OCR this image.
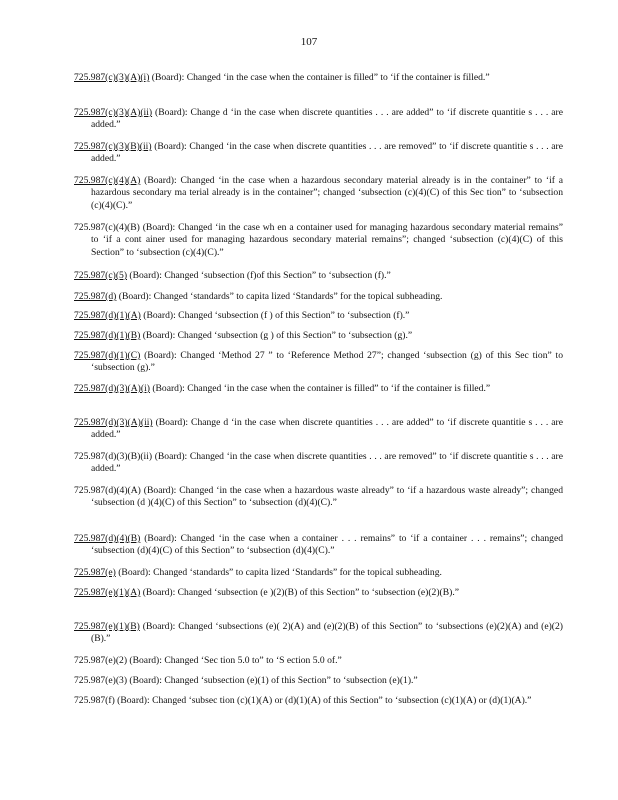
107

725.987(c)(3)(A)(i) (Board): Changed ‘in the case when the container is filled” to ‘if the container is filled.”

725.987(c)(3)(A)(ii) (Board): Change d ‘in the case when discrete quantities . . . are added” to ‘if discrete quantitie s . . . are added.”

725.987(c)(3)(B)(ii) (Board): Changed ‘in the case when discrete quantities . . . are removed” to ‘if discrete quantitie s . . . are added.”

725.987(c)(4)(A) (Board): Changed ‘in the case when a hazardous secondary material already is in the container” to ‘if a hazardous secondary ma terial already is in the container”; changed ‘subsection (c)(4)(C) of this Sec tion” to ‘subsection (c)(4)(C).”

725.987(c)(4)(B) (Board): Changed ‘in the case wh en a container used for managing hazardous secondary material remains” to ‘if a cont ainer used for managing hazardous secondary material remains”; changed ‘subsection (c)(4)(C) of this Section” to ‘subsection (c)(4)(C).”

725.987(c)(5) (Board): Changed ‘subsection (f)of this Section” to ‘subsection (f).”

725.987(d) (Board): Changed ‘standards” to capita lized ‘Standards” for the topical subheading.

725.987(d)(1)(A) (Board): Changed ‘subsection (f ) of this Section” to ‘subsection (f).”

725.987(d)(1)(B) (Board): Changed ‘subsection (g ) of this Section” to ‘subsection (g).”

725.987(d)(1)(C) (Board): Changed ‘Method 27 ” to ‘Reference Method 27”; changed ‘subsection (g) of this Sec tion” to ‘subsection (g).”

725.987(d)(3)(A)(i) (Board): Changed ‘in the case when the container is filled” to ‘if the container is filled.”

725.987(d)(3)(A)(ii) (Board): Change d ‘in the case when discrete quantities . . . are added” to ‘if discrete quantitie s . . . are added.”

725.987(d)(3)(B)(ii) (Board): Changed ‘in the case when discrete quantities . . . are removed” to ‘if discrete quantitie s . . . are added.”

725.987(d)(4)(A) (Board): Changed ‘in the case when a hazardous waste already” to ‘if a hazardous waste already”; changed ‘subsection (d )(4)(C) of this Section” to ‘subsection (d)(4)(C).”

725.987(d)(4)(B) (Board): Changed ‘in the case when a container . . . remains” to ‘if a container . . . remains”; changed ‘subsection (d)(4)(C) of this Section” to ‘subsection (d)(4)(C).”

725.987(e) (Board): Changed ‘standards” to capita lized ‘Standards” for the topical subheading.

725.987(e)(1)(A) (Board): Changed ‘subsection (e )(2)(B) of this Section” to ‘subsection (e)(2)(B).”

725.987(e)(1)(B) (Board): Changed ‘subsections (e)( 2)(A) and (e)(2)(B) of this Section” to ‘subsections (e)(2)(A) and (e)(2)(B).”

725.987(e)(2) (Board): Changed ‘Sec tion 5.0 to” to ‘S ection 5.0 of.”

725.987(e)(3) (Board): Changed ‘subsection (e)(1) of this Section” to ‘subsection (e)(1).”

725.987(f) (Board): Changed ‘subsec tion (c)(1)(A) or (d)(1)(A) of this Section” to ‘subsection (c)(1)(A) or (d)(1)(A).”
